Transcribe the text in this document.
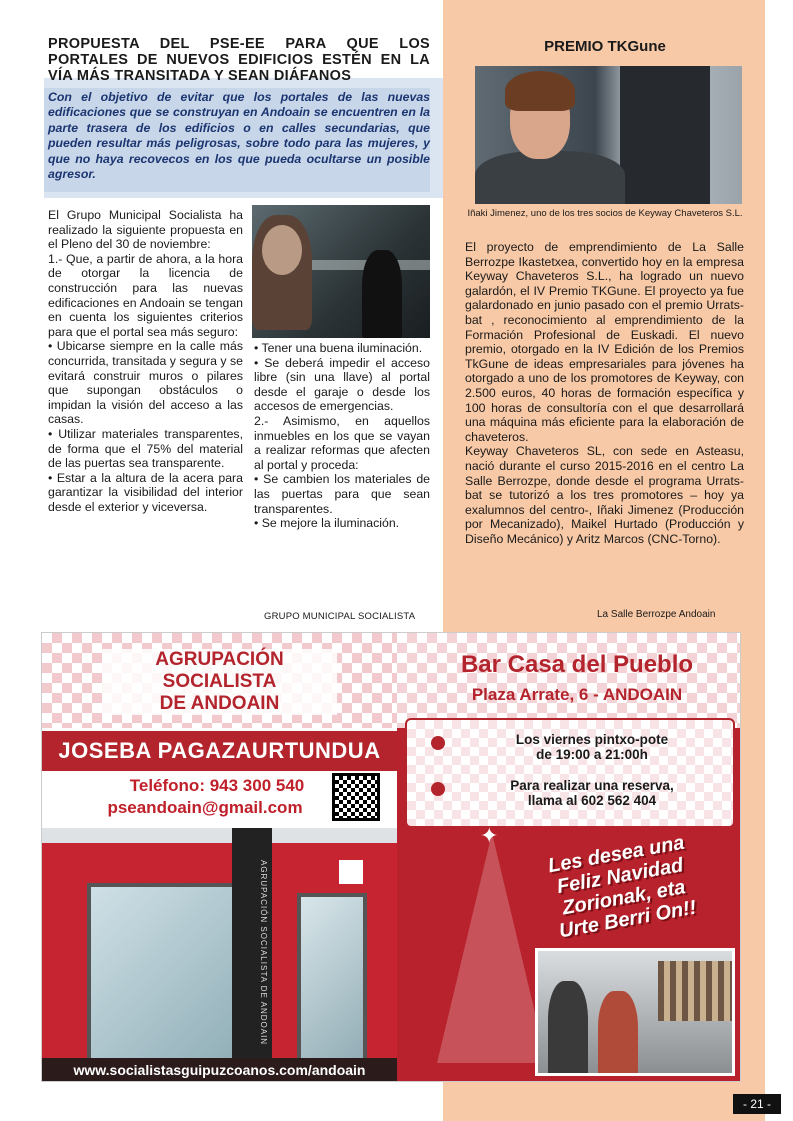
PROPUESTA DEL PSE-EE PARA QUE LOS PORTALES DE NUEVOS EDIFICIOS ESTÉN EN LA VÍA MÁS TRANSITADA Y SEAN DIÁFANOS
Con el objetivo de evitar que los portales de las nuevas edificaciones que se construyan en Andoain se encuentren en la parte trasera de los edificios o en calles secundarias, que pueden resultar más peligrosas, sobre todo para las mujeres, y que no haya recovecos en los que pueda ocultarse un posible agresor.
El Grupo Municipal Socialista ha realizado la siguiente propuesta en el Pleno del 30 de noviembre:
1.- Que, a partir de ahora, a la hora de otorgar la licencia de construcción para las nuevas edificaciones en Andoain se tengan en cuenta los siguientes criterios para que el portal sea más seguro:
• Ubicarse siempre en la calle más concurrida, transitada y segura y se evitará construir muros o pilares que supongan obstáculos o impidan la visión del acceso a las casas.
• Utilizar materiales transparentes, de forma que el 75% del material de las puertas sea transparente.
• Estar a la altura de la acera para garantizar la visibilidad del interior desde el exterior y viceversa.
• Tener una buena iluminación.
• Se deberá impedir el acceso libre (sin una llave) al portal desde el garaje o desde los accesos de emergencias.
2.- Asimismo, en aquellos inmuebles en los que se vayan a realizar reformas que afecten al portal y proceda:
• Se cambien los materiales de las puertas para que sean transparentes.
• Se mejore la iluminación.
GRUPO MUNICIPAL SOCIALISTA
PREMIO TKGune
Iñaki Jimenez, uno de los tres socios de Keyway Chaveteros S.L.
El proyecto de emprendimiento de La Salle Berrozpe Ikastetxea, convertido hoy en la empresa Keyway Chaveteros S.L., ha logrado un nuevo galardón, el IV Premio TKGune. El proyecto ya fue galardonado en junio pasado con el premio Urrats-bat , reconocimiento al emprendimiento de la Formación Profesional de Euskadi. El nuevo premio, otorgado en la IV Edición de los Premios TkGune de ideas empresariales para jóvenes ha otorgado a uno de los promotores de Keyway, con 2.500 euros, 40 horas de formación específica y 100 horas de consultoría con el que desarrollará una máquina más eficiente para la elaboración de chaveteros.
Keyway Chaveteros SL, con sede en Asteasu, nació durante el curso 2015-2016 en el centro La Salle Berrozpe, donde desde el programa Urrats-bat se tutorizó a los tres promotores – hoy ya exalumnos del centro-, Iñaki Jimenez (Producción por Mecanizado), Maikel Hurtado (Producción y Diseño Mecánico) y Aritz Marcos (CNC-Torno).
La Salle Berrozpe Andoain
AGRUPACIÓN
SOCIALISTA
DE ANDOAIN
JOSEBA PAGAZAURTUNDUA
Teléfono: 943 300 540
pseandoain@gmail.com
AGRUPACIÓN SOCIALISTA DE ANDOAIN
www.socialistasguipuzcoanos.com/andoain
Bar Casa del Pueblo
Plaza Arrate, 6 - ANDOAIN
Los viernes pintxo-pote
de 19:00 a 21:00h
Para realizar una reserva,
llama al 602 562 404
✦	Les desea una
Feliz Navidad
Zorionak, eta
Urte Berri On!!
- 21 -
